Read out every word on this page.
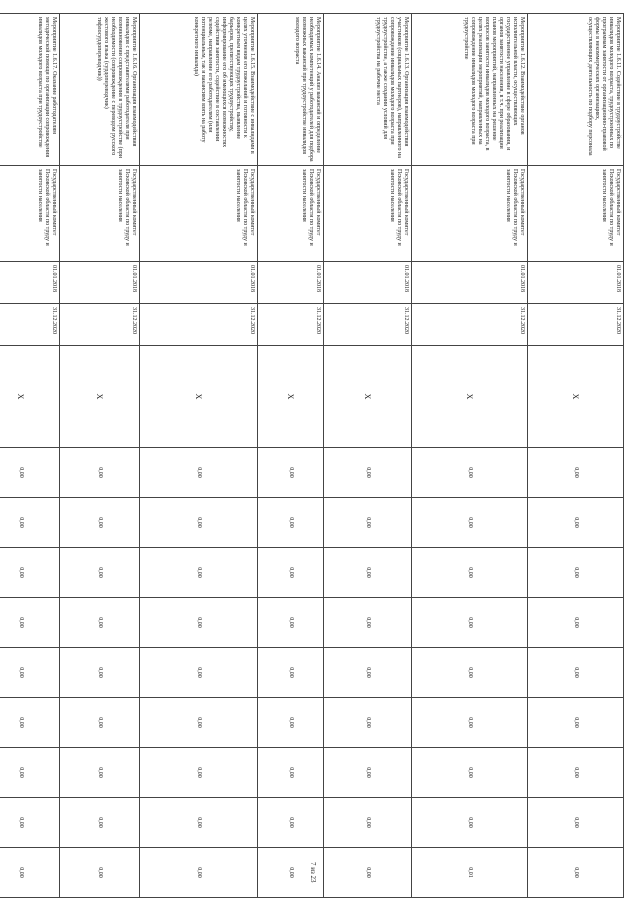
Мероприятие 1.6.11. Содействие в трудоустройстве инвалидов молодого возраста, трудоустроенных по программам занятости от организационно-правовой формы в некоммерческих организациях, осуществляющих деятельность по подбору персонала	Государственный комитет Псковской области по труду и занятости населения	01.01.2018	31.12.2020	Х	0,00	0,00	0,00	0,00	0,00	0,00	0,00	0,00	0,00
Мероприятие 1.6.12. Взаимодействие органов исполнительной власти, осуществляющих государственное управление в сфере образования, и органов занятости населения, в т.ч. при реализации планов мероприятий, направленных на решение вопросов занятости инвалидов молодого возраста, в целях реализации мероприятий, направленных на сопровождение инвалидов молодого возраста при трудоустройстве	Государственный комитет Псковской области по труду и занятости населения	01.01.2018	31.12.2020	Х	0,00	0,00	0,00	0,00	0,00	0,00	0,00	0,00	0,01
Мероприятие 1.6.13. Организация взаимодействия участников (социальных партнеров), направленного на сопровождение инвалидов молодого возраста при трудоустройстве, а также создании условий для трудоустройства на рабочие места	Государственный комитет Псковской области по труду и занятости населения	01.01.2018	31.12.2020	Х	0,00	0,00	0,00	0,00	0,00	0,00	0,00	0,00	0,00
Мероприятие 1.6.14. Анализ вакансий и определение необходимых компетенций у работодателей для подбора возможных вакансий при трудоустройстве инвалидов молодого возраста	Государственный комитет Псковской области по труду и занятости населения	01.01.2018	31.12.2020	Х	0,00	0,00	0,00	0,00	0,00	0,00	0,00	0,00	0,00
Мероприятие 1.6.15. Взаимодействие с инвалидами в целях уточнения его пожеланий и готовности к конкретным видам трудоустройства, выявление барьеров, препятствующих трудоустройству, информирование его об имеющихся возможностях содействия занятости, содействие в составлении резюме, направление его работодателям (или потенциальным, так и вакансиям взять на работу конкретного инвалида)	Государственный комитет Псковской области по труду и занятости населения	01.01.2018	31.12.2020	Х	0,00	0,00	0,00	0,00	0,00	0,00	0,00	0,00	0,00
Мероприятие 1.6.16. Организация взаимодействия инвалидов с представителями работодателя при возникновении сопровождения в трудоустройстве (при необходимости (сопровождение с переводом русского жестового языка (сурдопереводчик) тифлосурдопереводчик))	Государственный комитет Псковской области по труду и занятости населения	01.01.2018	31.12.2020	Х	0,00	0,00	0,00	0,00	0,00	0,00	0,00	0,00	0,00
Мероприятие 1.6.17. Оказание работодателям методической помощи по организации сопровождения инвалидов молодого возраста при трудоустройстве	Государственный комитет Псковской области по труду и занятости населения	01.01.2018	31.12.2020	Х	0,00	0,00	0,00	0,00	0,00	0,00	0,00	0,00	0,00	7 из 23
